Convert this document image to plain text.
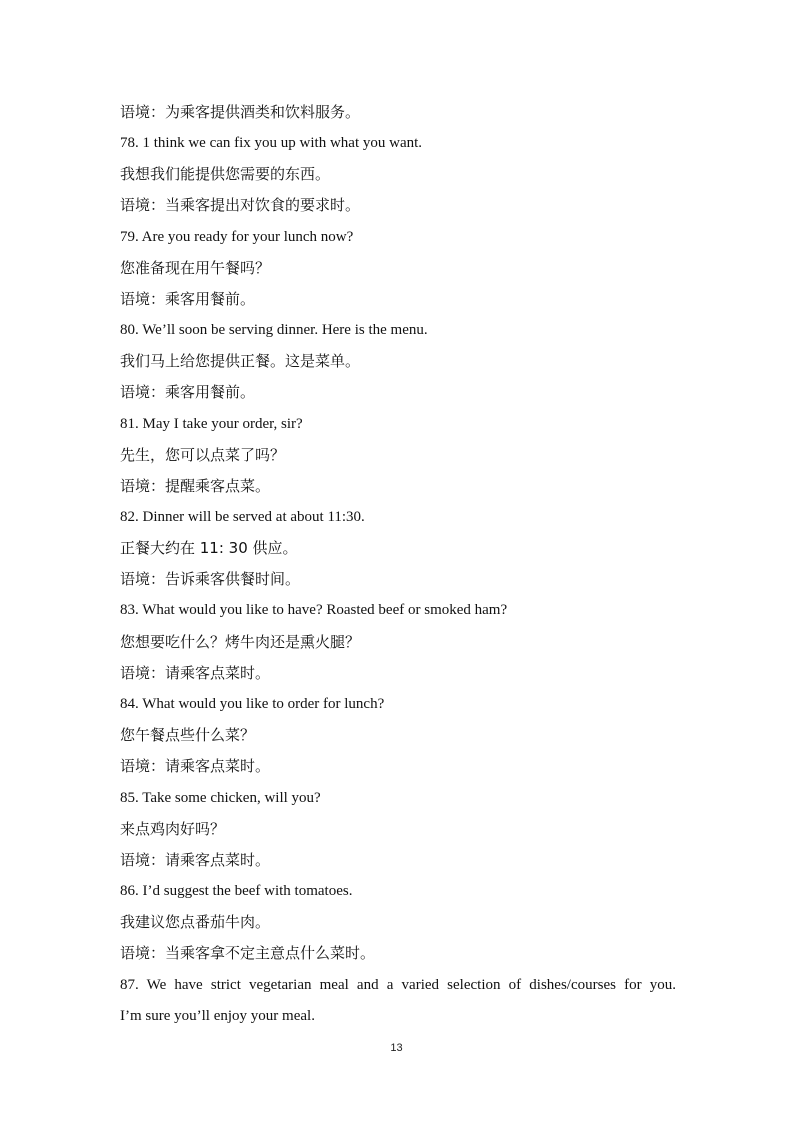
语境：为乘客提供酒类和饮料服务。
78. 1 think we can fix you up with what you want.
我想我们能提供您需要的东西。
语境：当乘客提出对饮食的要求时。
79. Are you ready for your lunch now?
您准备现在用午餐吗？
语境：乘客用餐前。
80. We’ll soon be serving dinner. Here is the menu.
我们马上给您提供正餐。这是菜单。
语境：乘客用餐前。
81. May I take your order, sir?
先生，您可以点菜了吗？
语境：提醒乘客点菜。
82. Dinner will be served at about 11:30.
正餐大约在 11: 30 供应。
语境：告诉乘客供餐时间。
83. What would you like to have? Roasted beef or smoked ham?
您想要吃什么？烤牛肉还是熏火腿？
语境：请乘客点菜时。
84. What would you like to order for lunch?
您午餐点些什么菜？
语境：请乘客点菜时。
85. Take some chicken, will you?
来点鸡肉好吗？
语境：请乘客点菜时。
86. I’d suggest the beef with tomatoes.
我建议您点番茄牛肉。
语境：当乘客拿不定主意点什么菜时。
87. We have strict vegetarian meal and a varied selection of dishes/courses for you.
I’m sure you’ll enjoy your meal.
13
